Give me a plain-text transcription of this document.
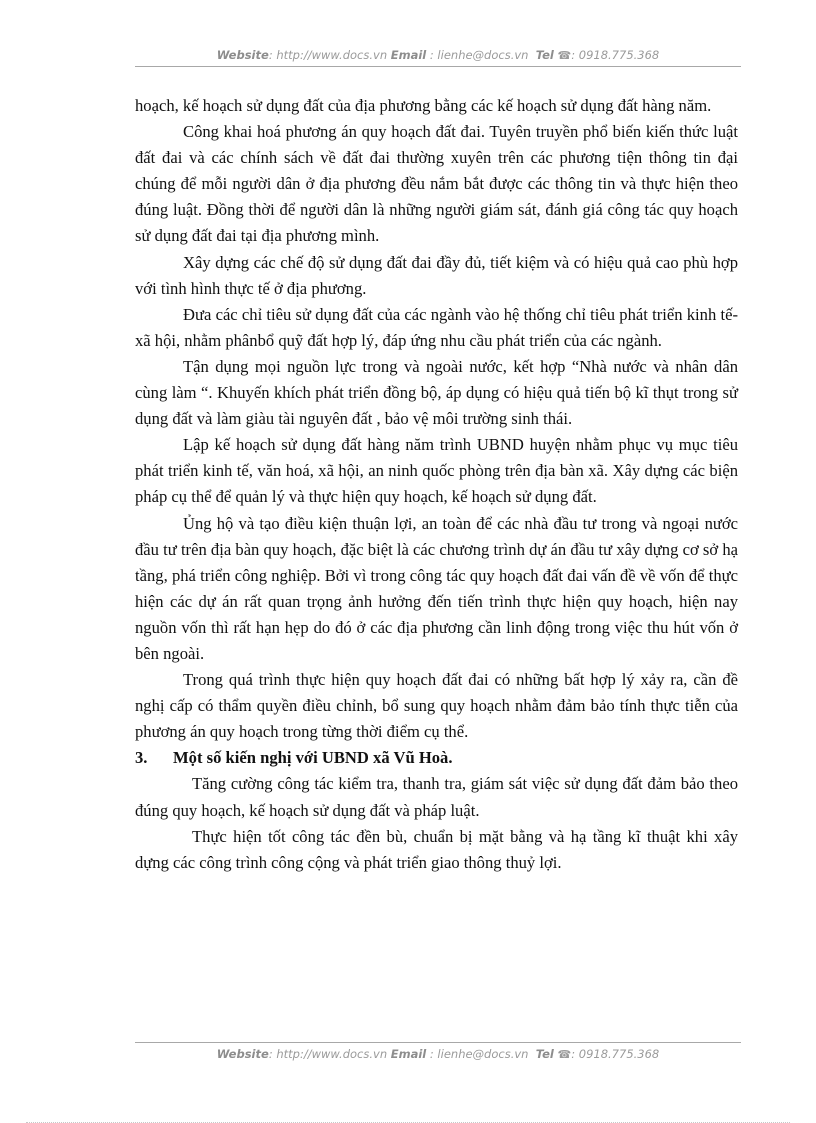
Website: http://www.docs.vn Email : lienhe@docs.vn Tel ☎: 0918.775.368

hoạch, kế hoạch sử dụng đất của địa phương bằng các kế hoạch sử dụng đất hàng năm.

Công khai hoá phương án quy hoạch đất đai. Tuyên truyền phổ biến kiến thức luật đất đai và các chính sách về đất đai thường xuyên trên các phương tiện thông tin đại chúng để mỗi người dân ở địa phương đều nắm bắt được các thông tin và thực hiện theo đúng luật. Đồng thời để người dân là những người giám sát, đánh giá công tác quy hoạch sử dụng đất đai tại địa phương mình.

Xây dựng các chế độ sử dụng đất đai đầy đủ, tiết kiệm và có hiệu quả cao phù hợp với tình hình thực tế ở địa phương.

Đưa các chỉ tiêu sử dụng đất của các ngành vào hệ thống chỉ tiêu phát triển kinh tế-xã hội, nhằm phânbổ quỹ đất hợp lý, đáp ứng nhu cầu phát triển của các ngành.

Tận dụng mọi nguồn lực trong và ngoài nước, kết hợp “Nhà nước và nhân dân cùng làm “. Khuyến khích phát triển đồng bộ, áp dụng có hiệu quả tiến bộ kĩ thụt trong sử dụng đất và làm giàu tài nguyên đất , bảo vệ môi trường sinh thái.

Lập kế hoạch sử dụng đất hàng năm trình UBND huyện nhằm phục vụ mục tiêu phát triển kinh tế, văn hoá, xã hội, an ninh quốc phòng trên địa bàn xã. Xây dựng các biện pháp cụ thể để quản lý và thực hiện quy hoạch, kế hoạch sử dụng đất.

Ủng hộ và tạo điều kiện thuận lợi, an toàn để các nhà đầu tư trong và ngoại nước đầu tư trên địa bàn quy hoạch, đặc biệt là các chương trình dự án đầu tư xây dựng cơ sở hạ tầng, phá triển công nghiệp. Bởi vì trong công tác quy hoạch đất đai vấn đề về vốn để thực hiện các dự án rất quan trọng ảnh hưởng đến tiến trình thực hiện quy hoạch, hiện nay nguồn vốn thì rất hạn hẹp do đó ở các địa phương cần linh động trong việc thu hút vốn ở bên ngoài.

Trong quá trình thực hiện quy hoạch đất đai có những bất hợp lý xảy ra, cần đề nghị cấp có thẩm quyền điều chỉnh, bổ sung quy hoạch nhằm đảm bảo tính thực tiễn của phương án quy hoạch trong từng thời điểm cụ thể.

3.	Một số kiến nghị với UBND xã Vũ Hoà.

Tăng cường công tác kiểm tra, thanh tra, giám sát việc sử dụng đất đảm bảo theo đúng quy hoạch, kế hoạch sử dụng đất và pháp luật.

Thực hiện tốt công tác đền bù, chuẩn bị mặt bằng và hạ tầng kĩ thuật khi xây dựng các công trình công cộng và phát triển giao thông thuỷ lợi.

Website: http://www.docs.vn Email : lienhe@docs.vn Tel ☎: 0918.775.368
